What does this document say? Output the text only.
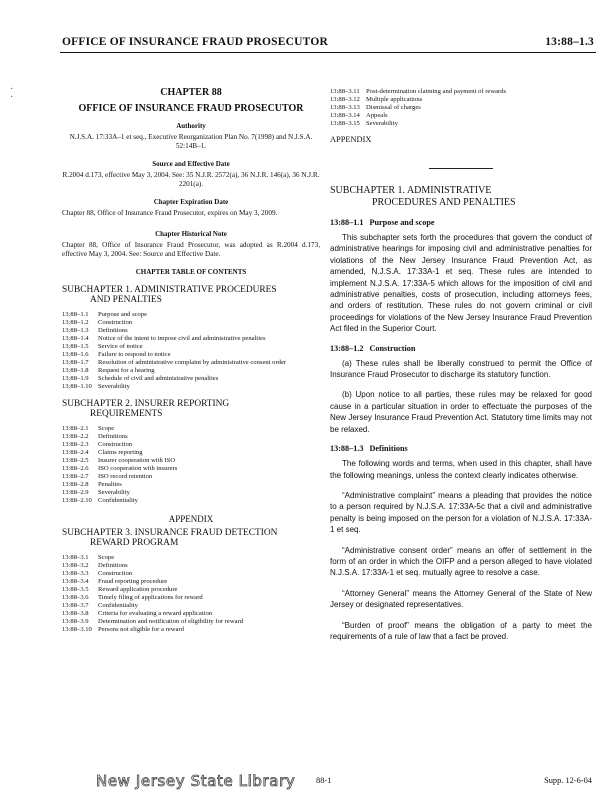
OFFICE OF INSURANCE FRAUD PROSECUTOR	13:88–1.3
·
·	CHAPTER 88
OFFICE OF INSURANCE FRAUD PROSECUTOR
Authority
N.J.S.A. 17:33A–1 et seq., Executive Reorganization Plan No. 7(1998) and N.J.S.A. 52:14B–1.
Source and Effective Date
R.2004 d.173, effective May 3, 2004. See: 35 N.J.R. 2572(a), 36 N.J.R. 146(a), 36 N.J.R. 2201(a).
Chapter Expiration Date
Chapter 88, Office of Insurance Fraud Prosecutor, expires on May 3, 2009.
Chapter Historical Note
Chapter 88, Office of Insurance Fraud Prosecutor, was adopted as R.2004 d.173, effective May 3, 2004. See: Source and Effective Date.
CHAPTER TABLE OF CONTENTS
SUBCHAPTER 1. ADMINISTRATIVE PROCEDURES
AND PENALTIES
13:88–1.1	Purpose and scope
13:88–1.2	Construction
13:88–1.3	Definitions
13:88–1.4	Notice of the intent to impose civil and administrative penalties
13:88–1.5	Service of notice
13:88–1.6	Failure to respond to notice
13:88–1.7	Resolution of administrative complaint by administrative consent order
13:88–1.8	Request for a hearing
13:88–1.9	Schedule of civil and administrative penalties
13:88–1.10 Severability
SUBCHAPTER 2. INSURER REPORTING
REQUIREMENTS
13:88–2.1	Scope
13:88–2.2	Definitions
13:88–2.3	Construction
13:88–2.4	Claims reporting
13:88–2.5	Insurer cooperation with ISO
13:88–2.6	ISO cooperation with insurers
13:88–2.7	ISO record retention
13:88–2.8	Penalties
13:88–2.9	Severability
13:88–2.10 Confidentiality
APPENDIX
SUBCHAPTER 3. INSURANCE FRAUD DETECTION
REWARD PROGRAM
13:88–3.1	Scope
13:88–3.2	Definitions
13:88–3.3	Construction
13:88–3.4	Fraud reporting procedure
13:88–3.5	Reward application procedure
13:88–3.6	Timely filing of applications for reward
13:88–3.7	Confidentiality
13:88–3.8	Criteria for evaluating a reward application
13:88–3.9	Determination and notification of eligibility for reward
13:88–3.10 Persons not eligible for a reward
13:88–3.11 Post-determination claiming and payment of rewards
13:88–3.12 Multiple applications
13:88–3.13 Dismissal of charges
13:88–3.14 Appeals
13:88–3.15 Severability
APPENDIX
SUBCHAPTER 1. ADMINISTRATIVE
PROCEDURES AND PENALTIES
13:88–1.1 Purpose and scope
This subchapter sets forth the procedures that govern the conduct of administrative hearings for imposing civil and administrative penalties for violations of the New Jersey Insurance Fraud Prevention Act, as amended, N.J.S.A. 17:33A-1 et seq. These rules are intended to implement N.J.S.A. 17:33A-5 which allows for the imposition of civil and administrative penalties, costs of prosecution, including attorneys fees, and orders of restitution. These rules do not govern criminal or civil proceedings for violations of the New Jersey Insurance Fraud Prevention Act filed in the Superior Court.
13:88–1.2 Construction
(a) These rules shall be liberally construed to permit the Office of Insurance Fraud Prosecutor to discharge its statutory function.
(b) Upon notice to all parties, these rules may be relaxed for good cause in a particular situation in order to effectuate the purposes of the New Jersey Insurance Fraud Prevention Act. Statutory time limits may not be relaxed.
13:88–1.3 Definitions
The following words and terms, when used in this chapter, shall have the following meanings, unless the context clearly indicates otherwise.
“Administrative complaint” means a pleading that provides the notice to a person required by N.J.S.A. 17:33A-5c that a civil and administrative penalty is being imposed on the person for a violation of N.J.S.A. 17:33A-1 et seq.
“Administrative consent order” means an offer of settlement in the form of an order in which the OIFP and a person alleged to have violated N.J.S.A. 17:33A-1 et seq. mutually agree to resolve a case.
“Attorney General” means the Attorney General of the State of New Jersey or designated representatives.
“Burden of proof” means the obligation of a party to meet the requirements of a rule of law that a fact be proved.
New Jersey State Library 88-1	Supp. 12-6-04
